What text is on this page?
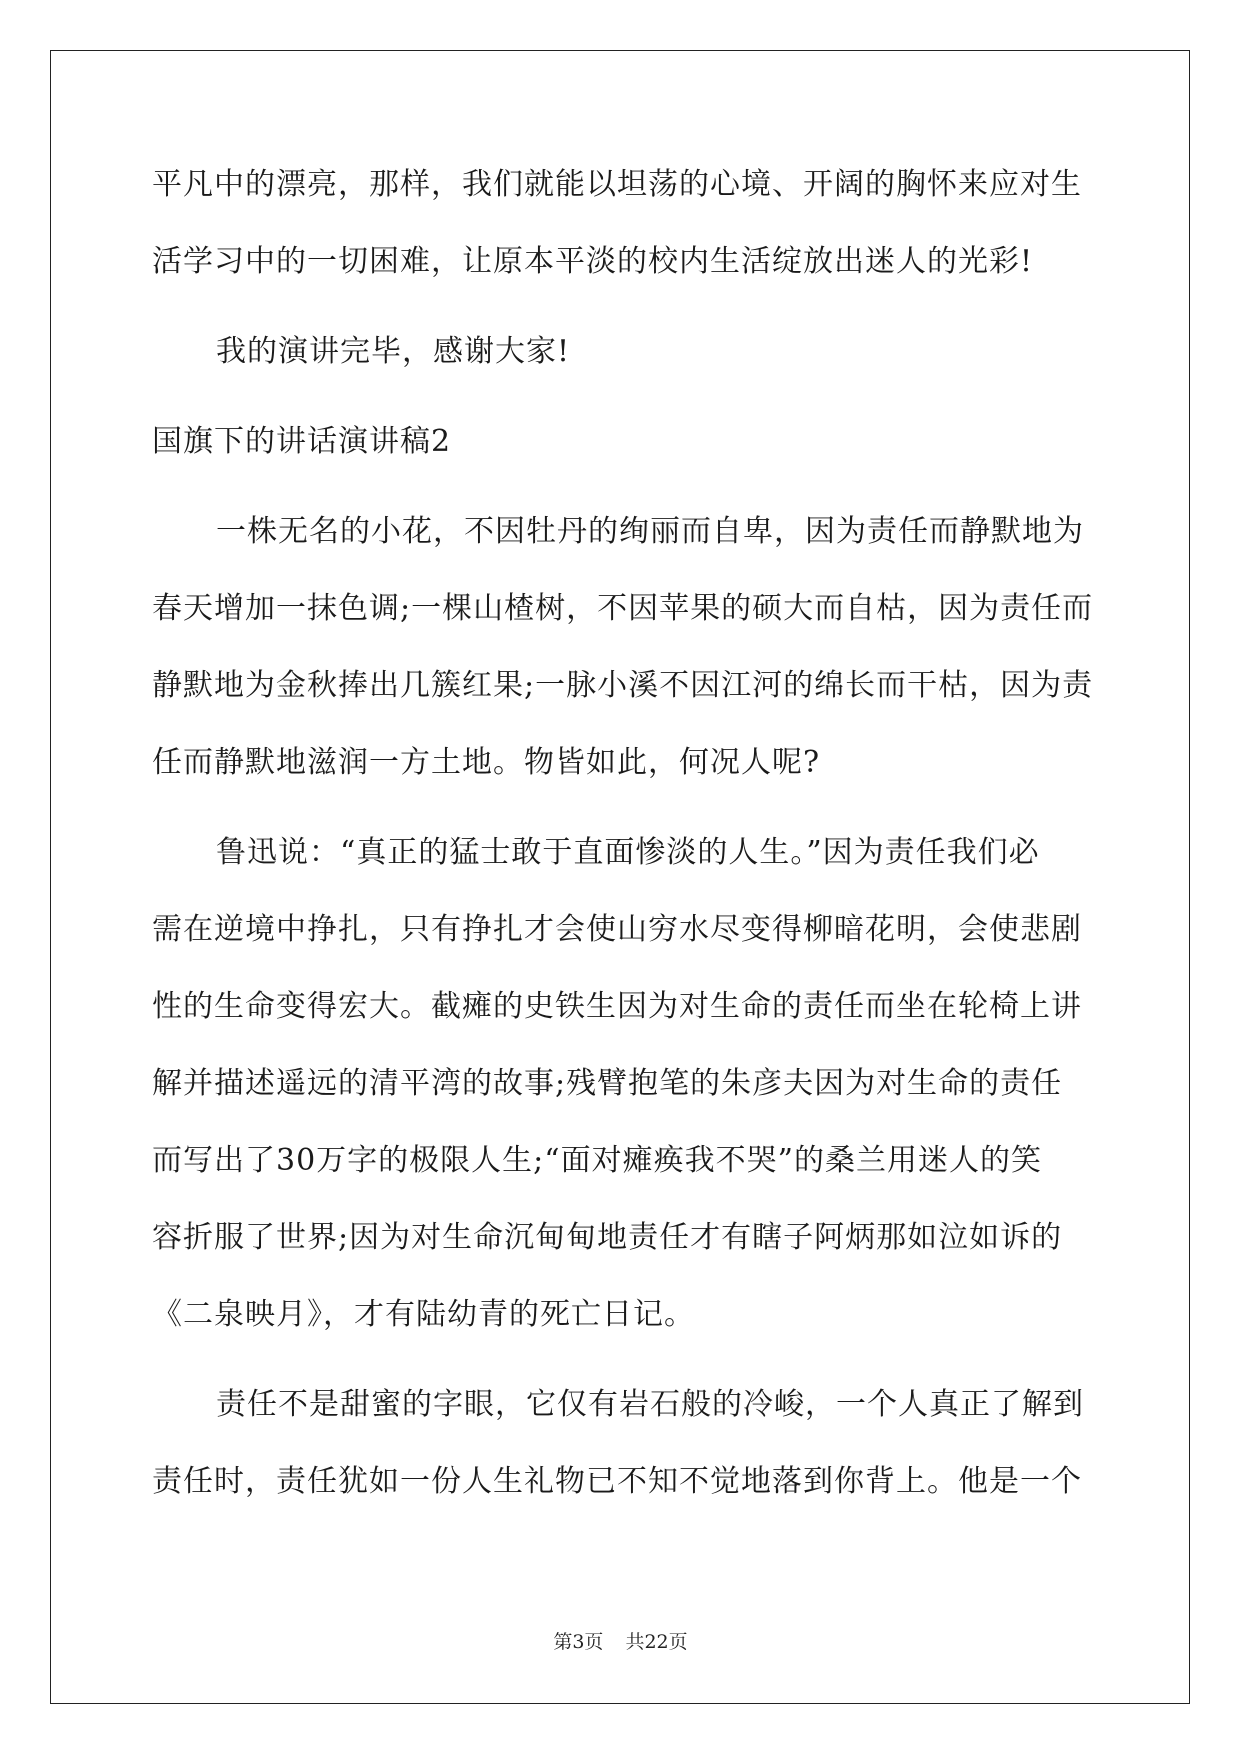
平凡中的漂亮，那样，我们就能以坦荡的心境、开阔的胸怀来应对生
活学习中的一切困难，让原本平淡的校内生活绽放出迷人的光彩!
我的演讲完毕，感谢大家!
国旗下的讲话演讲稿2
一株无名的小花，不因牡丹的绚丽而自卑，因为责任而静默地为
春天增加一抹色调;一棵山楂树，不因苹果的硕大而自枯，因为责任而
静默地为金秋捧出几簇红果;一脉小溪不因江河的绵长而干枯，因为责
任而静默地滋润一方土地。物皆如此，何况人呢?
鲁迅说：“真正的猛士敢于直面惨淡的人生。”因为责任我们必
需在逆境中挣扎，只有挣扎才会使山穷水尽变得柳暗花明，会使悲剧
性的生命变得宏大。截瘫的史铁生因为对生命的责任而坐在轮椅上讲
解并描述遥远的清平湾的故事;残臂抱笔的朱彦夫因为对生命的责任
而写出了30万字的极限人生;“面对瘫痪我不哭”的桑兰用迷人的笑
容折服了世界;因为对生命沉甸甸地责任才有瞎子阿炳那如泣如诉的
《二泉映月》，才有陆幼青的死亡日记。
责任不是甜蜜的字眼，它仅有岩石般的冷峻，一个人真正了解到
责任时，责任犹如一份人生礼物已不知不觉地落到你背上。他是一个
第3页 共22页
